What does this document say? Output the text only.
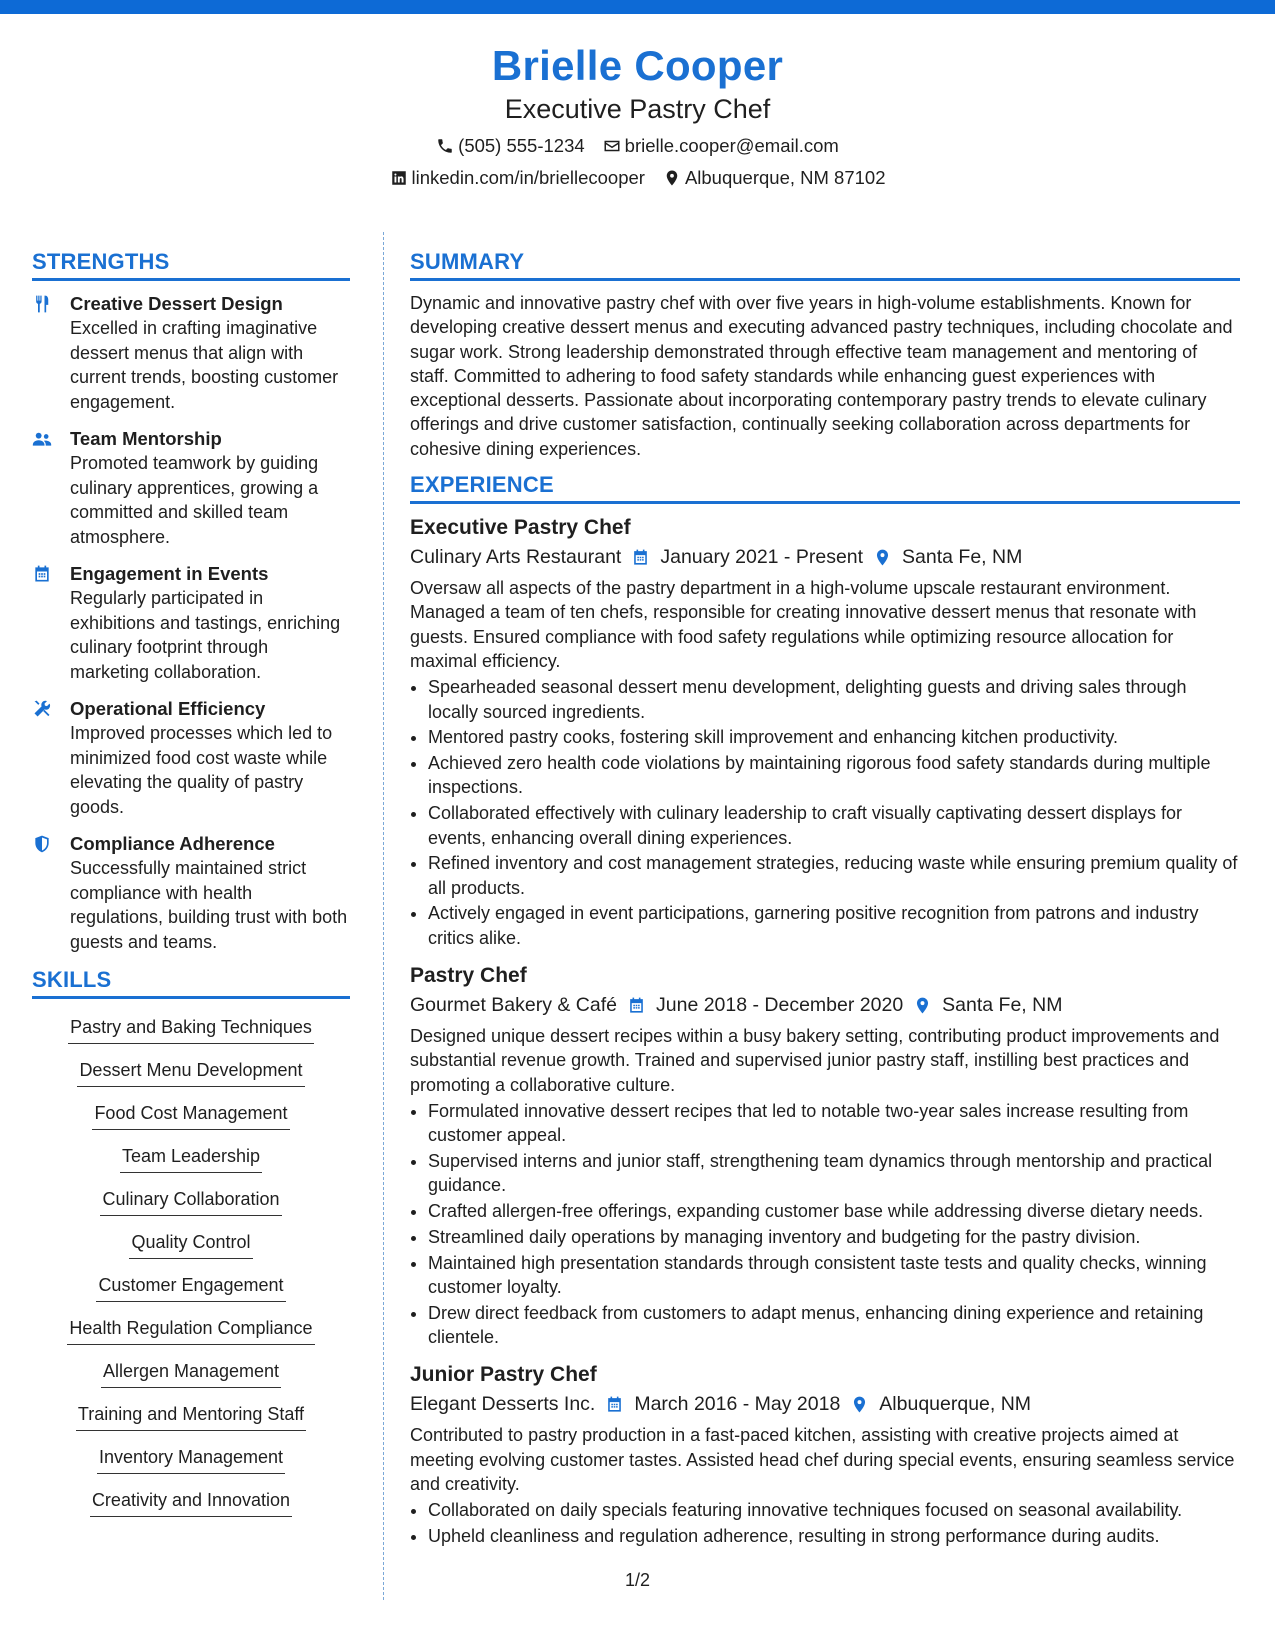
Brielle Cooper
Executive Pastry Chef
(505) 555-1234 brielle.cooper@email.com
linkedin.com/in/briellecooper Albuquerque, NM 87102
STRENGTHS
Creative Dessert Design
Excelled in crafting imaginative dessert menus that align with current trends, boosting customer engagement.
Team Mentorship
Promoted teamwork by guiding culinary apprentices, growing a committed and skilled team atmosphere.
Engagement in Events
Regularly participated in exhibitions and tastings, enriching culinary footprint through marketing collaboration.
Operational Efficiency
Improved processes which led to minimized food cost waste while elevating the quality of pastry goods.
Compliance Adherence
Successfully maintained strict compliance with health regulations, building trust with both guests and teams.
SKILLS
Pastry and Baking Techniques
Dessert Menu Development
Food Cost Management
Team Leadership
Culinary Collaboration
Quality Control
Customer Engagement
Health Regulation Compliance
Allergen Management
Training and Mentoring Staff
Inventory Management
Creativity and Innovation
SUMMARY

Dynamic and innovative pastry chef with over five years in high-volume establishments. Known for developing creative dessert menus and executing advanced pastry techniques, including chocolate and sugar work. Strong leadership demonstrated through effective team management and mentoring of staff. Committed to adhering to food safety standards while enhancing guest experiences with exceptional desserts. Passionate about incorporating contemporary pastry trends to elevate culinary offerings and drive customer satisfaction, continually seeking collaboration across departments for cohesive dining experiences.

EXPERIENCE
Executive Pastry Chef
Culinary Arts Restaurant January 2021 - Present Santa Fe, NM

Oversaw all aspects of the pastry department in a high-volume upscale restaurant environment. Managed a team of ten chefs, responsible for creating innovative dessert menus that resonate with guests. Ensured compliance with food safety regulations while optimizing resource allocation for maximal efficiency.

• Spearheaded seasonal dessert menu development, delighting guests and driving sales through locally sourced ingredients.
• Mentored pastry cooks, fostering skill improvement and enhancing kitchen productivity.
• Achieved zero health code violations by maintaining rigorous food safety standards during multiple inspections.
• Collaborated effectively with culinary leadership to craft visually captivating dessert displays for events, enhancing overall dining experiences.
• Refined inventory and cost management strategies, reducing waste while ensuring premium quality of all products.
• Actively engaged in event participations, garnering positive recognition from patrons and industry critics alike.
Pastry Chef
Gourmet Bakery & Café June 2018 - December 2020 Santa Fe, NM

Designed unique dessert recipes within a busy bakery setting, contributing product improvements and substantial revenue growth. Trained and supervised junior pastry staff, instilling best practices and promoting a collaborative culture.

• Formulated innovative dessert recipes that led to notable two-year sales increase resulting from customer appeal.
• Supervised interns and junior staff, strengthening team dynamics through mentorship and practical guidance.
• Crafted allergen-free offerings, expanding customer base while addressing diverse dietary needs.
• Streamlined daily operations by managing inventory and budgeting for the pastry division.
• Maintained high presentation standards through consistent taste tests and quality checks, winning customer loyalty.
• Drew direct feedback from customers to adapt menus, enhancing dining experience and retaining clientele.
Junior Pastry Chef
Elegant Desserts Inc. March 2016 - May 2018 Albuquerque, NM

Contributed to pastry production in a fast-paced kitchen, assisting with creative projects aimed at meeting evolving customer tastes. Assisted head chef during special events, ensuring seamless service and creativity.

• Collaborated on daily specials featuring innovative techniques focused on seasonal availability.
• Upheld cleanliness and regulation adherence, resulting in strong performance during audits.
1/2
